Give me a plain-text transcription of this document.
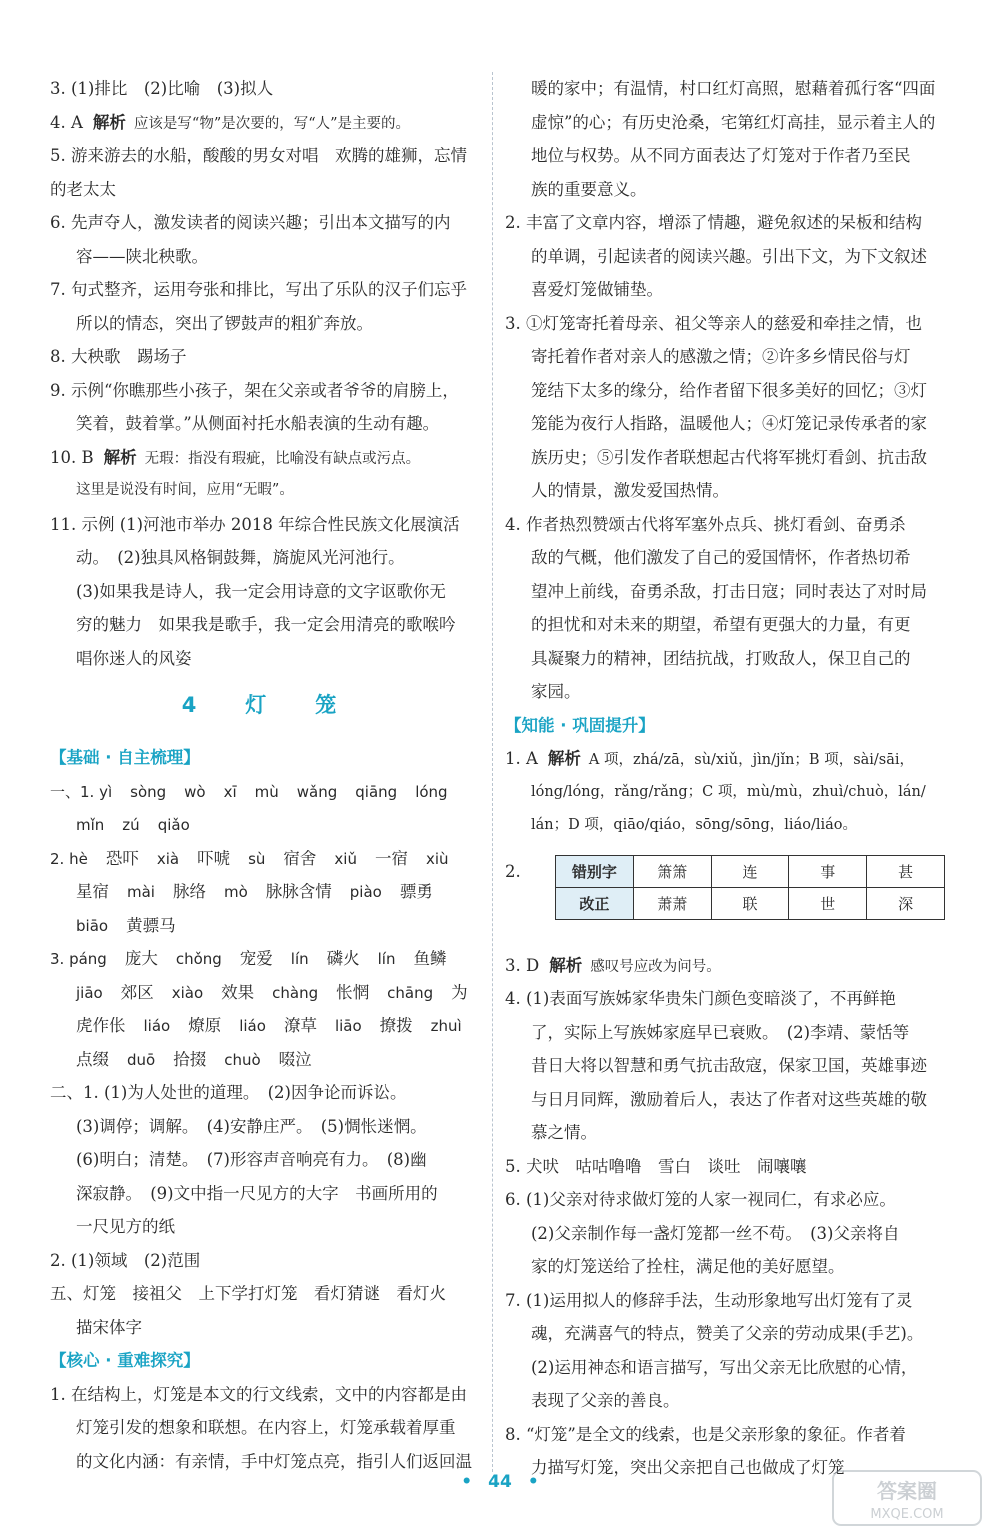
3. (1)排比　(2)比喻　(3)拟人
4. A 解析 应该是写“物”是次要的，写“人”是主要的。
5. 游来游去的水船，酸酸的男女对唱　欢腾的雄狮，忘情
的老太太
6. 先声夺人，激发读者的阅读兴趣；引出本文描写的内
容——陕北秧歌。
7. 句式整齐，运用夸张和排比，写出了乐队的汉子们忘乎
所以的情态，突出了锣鼓声的粗犷奔放。
8. 大秧歌　踢场子
9. 示例“你瞧那些小孩子，架在父亲或者爷爷的肩膀上，
笑着，鼓着掌。”从侧面衬托水船表演的生动有趣。
10. B 解析 无瑕：指没有瑕疵，比喻没有缺点或污点。
这里是说没有时间，应用“无暇”。
11. 示例 (1)河池市举办 2018 年综合性民族文化展演活
动。　(2)独具风格铜鼓舞，旖旎风光河池行。
(3)如果我是诗人，我一定会用诗意的文字讴歌你无
穷的魅力　如果我是歌手，我一定会用清亮的歌喉吟
唱你迷人的风姿
4　灯　笼
【基础 · 自主梳理】
一、1. yì sòng wò xī mù wǎng qiāng lóng
mǐn zú qiǎo
2. hè 恐吓 xià 吓唬 sù 宿舍 xiǔ 一宿 xiù
星宿 mài 脉络 mò 脉脉含情 piào 骠勇
biāo 黄骠马
3. páng 庞大 chǒng 宠爱 lín 磷火 lín 鱼鳞
jiāo 郊区 xiào 效果 chàng 怅惘 chāng 为
虎作伥 liáo 燎原 liáo 潦草 liāo 撩拨 zhuì
点缀 duō 拾掇 chuò 啜泣
二、1. (1)为人处世的道理。　(2)因争论而诉讼。
(3)调停；调解。　(4)安静庄严。　(5)惆怅迷惘。
(6)明白；清楚。　(7)形容声音响亮有力。　(8)幽
深寂静。　(9)文中指一尺见方的大字　书画所用的
一尺见方的纸
2. (1)领域　(2)范围
五、灯笼　接祖父　上下学打灯笼　看灯猜谜　看灯火
描宋体字
【核心 · 重难探究】
1. 在结构上，灯笼是本文的行文线索，文中的内容都是由
灯笼引发的想象和联想。在内容上，灯笼承载着厚重
的文化内涵：有亲情，手中灯笼点亮，指引人们返回温
暖的家中；有温情，村口红灯高照，慰藉着孤行客“四面
虚惊”的心；有历史沧桑，宅第红灯高挂，显示着主人的
地位与权势。从不同方面表达了灯笼对于作者乃至民
族的重要意义。
2. 丰富了文章内容，增添了情趣，避免叙述的呆板和结构
的单调，引起读者的阅读兴趣。引出下文，为下文叙述
喜爱灯笼做铺垫。
3. ①灯笼寄托着母亲、祖父等亲人的慈爱和牵挂之情，也
寄托着作者对亲人的感激之情；②许多乡情民俗与灯
笼结下太多的缘分，给作者留下很多美好的回忆；③灯
笼能为夜行人指路，温暖他人；④灯笼记录传承者的家
族历史；⑤引发作者联想起古代将军挑灯看剑、抗击敌
人的情景，激发爱国热情。
4. 作者热烈赞颂古代将军塞外点兵、挑灯看剑、奋勇杀
敌的气概，他们激发了自己的爱国情怀，作者热切希
望冲上前线，奋勇杀敌，打击日寇；同时表达了对时局
的担忧和对未来的期望，希望有更强大的力量，有更
具凝聚力的精神，团结抗战，打败敌人，保卫自己的
家园。
【知能 · 巩固提升】
1. A 解析 A 项，zhá/zā，sù/xiǔ，jìn/jǐn；B 项，sài/sāi，
lóng/lóng，rǎng/rǎng；C 项，mù/mù，zhuì/chuò，lán/
lán；D 项，qiāo/qiáo，sōng/sōng，liáo/liáo。
2.	错别字	箫箫	连	事	甚
改正	萧萧	联	世	深
3. D 解析 感叹号应改为问号。
4. (1)表面写族姊家华贵朱门颜色变暗淡了，不再鲜艳
了，实际上写族姊家庭早已衰败。　(2)李靖、蒙恬等
昔日大将以智慧和勇气抗击敌寇，保家卫国，英雄事迹
与日月同辉，激励着后人，表达了作者对这些英雄的敬
慕之情。
5. 犬吠　咕咕噜噜　雪白　谈吐　闹嚷嚷
6. (1)父亲对待求做灯笼的人家一视同仁，有求必应。
(2)父亲制作每一盏灯笼都一丝不苟。　(3)父亲将自
家的灯笼送给了拴柱，满足他的美好愿望。
7. (1)运用拟人的修辞手法，生动形象地写出灯笼有了灵
魂，充满喜气的特点，赞美了父亲的劳动成果(手艺)。
(2)运用神态和语言描写，写出父亲无比欣慰的心情，
表现了父亲的善良。
8. “灯笼”是全文的线索，也是父亲形象的象征。作者着
力描写灯笼，突出父亲把自己也做成了灯笼
• 44 •	答案圈
MXQE.COM
